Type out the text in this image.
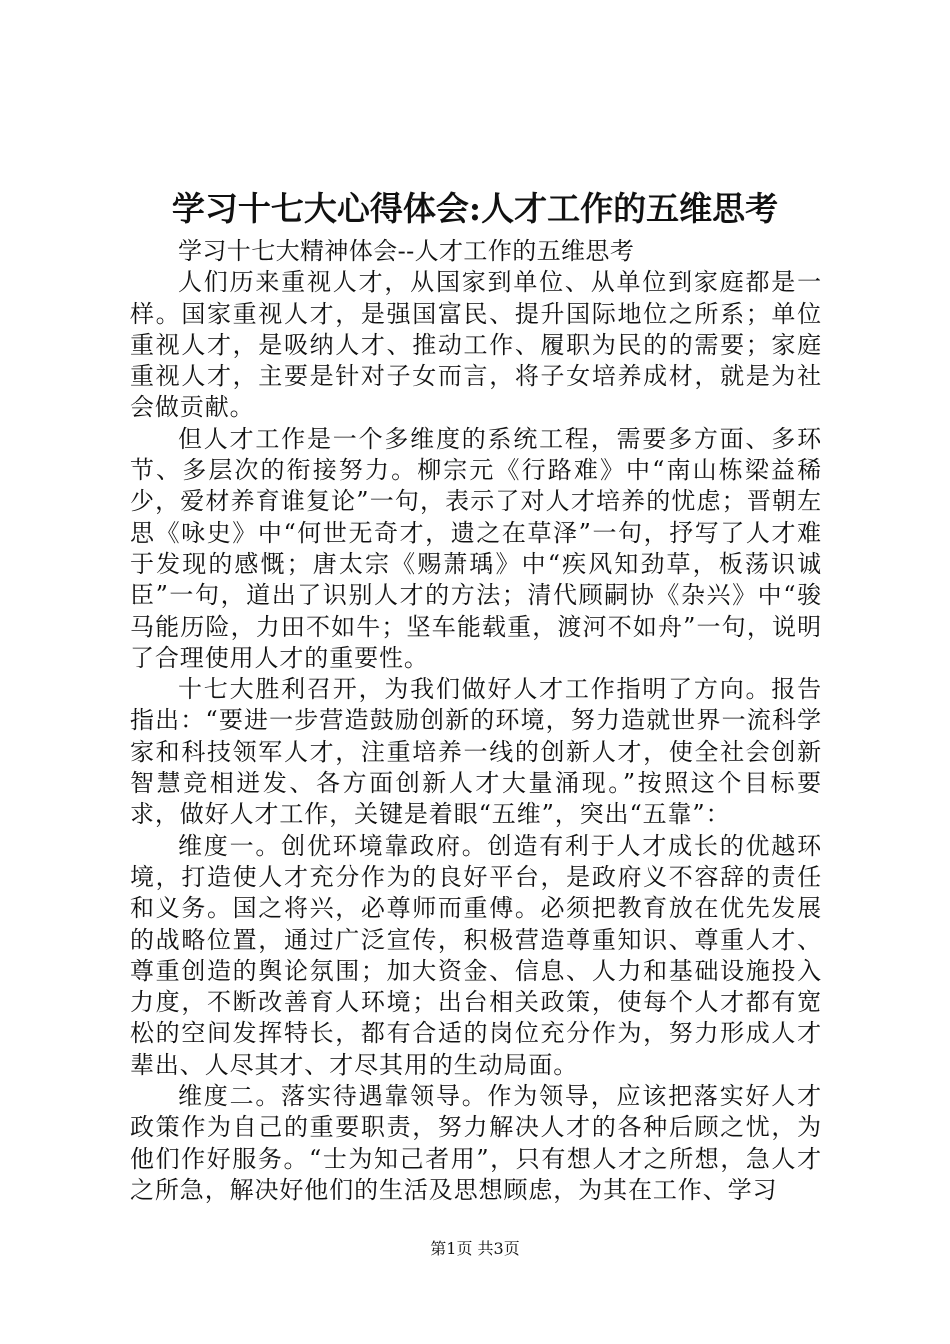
学习十七大心得体会:人才工作的五维思考

学习十七大精神体会--人才工作的五维思考

人们历来重视人才，从国家到单位、从单位到家庭都是一样。国家重视人才，是强国富民、提升国际地位之所系；单位重视人才，是吸纳人才、推动工作、履职为民的的需要；家庭重视人才，主要是针对子女而言，将子女培养成材，就是为社会做贡献。

但人才工作是一个多维度的系统工程，需要多方面、多环节、多层次的衔接努力。柳宗元《行路难》中“南山栋梁益稀少，爱材养育谁复论”一句，表示了对人才培养的忧虑；晋朝左思《咏史》中“何世无奇才，遗之在草泽”一句，抒写了人才难于发现的感慨；唐太宗《赐萧瑀》中“疾风知劲草，板荡识诚臣”一句，道出了识别人才的方法；清代顾嗣协《杂兴》中“骏马能历险，力田不如牛；坚车能载重，渡河不如舟”一句，说明了合理使用人才的重要性。

十七大胜利召开，为我们做好人才工作指明了方向。报告指出：“要进一步营造鼓励创新的环境，努力造就世界一流科学家和科技领军人才，注重培养一线的创新人才，使全社会创新智慧竞相迸发、各方面创新人才大量涌现。”按照这个目标要求，做好人才工作，关键是着眼“五维”，突出“五靠”：

维度一。创优环境靠政府。创造有利于人才成长的优越环境，打造使人才充分作为的良好平台，是政府义不容辞的责任和义务。国之将兴，必尊师而重傅。必须把教育放在优先发展的战略位置，通过广泛宣传，积极营造尊重知识、尊重人才、尊重创造的舆论氛围；加大资金、信息、人力和基础设施投入力度，不断改善育人环境；出台相关政策，使每个人才都有宽松的空间发挥特长，都有合适的岗位充分作为，努力形成人才辈出、人尽其才、才尽其用的生动局面。

维度二。落实待遇靠领导。作为领导，应该把落实好人才政策作为自己的重要职责，努力解决人才的各种后顾之忧，为他们作好服务。“士为知己者用”，只有想人才之所想，急人才之所急，解决好他们的生活及思想顾虑，为其在工作、学习

第1页 共3页
